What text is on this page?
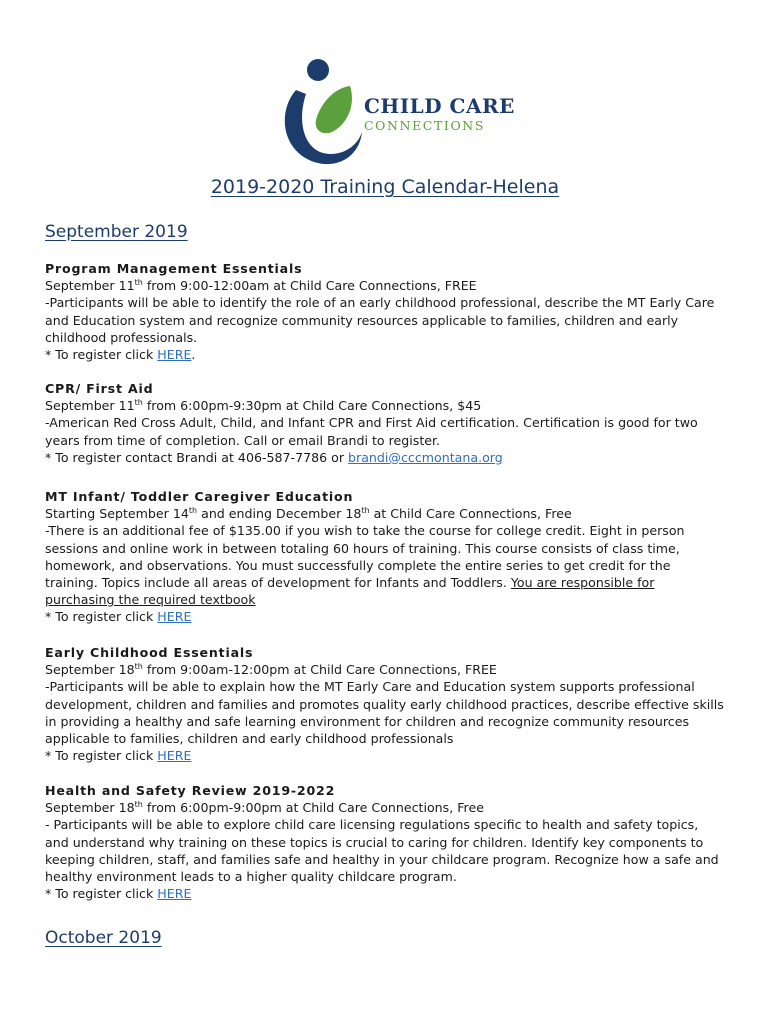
CHILD CARE
CONNECTIONS
2019-2020 Training Calendar-Helena
September 2019

Program Management Essentials

September 11th from 9:00-12:00am at Child Care Connections, FREE

-Participants will be able to identify the role of an early childhood professional, describe the MT Early Care and Education system and recognize community resources applicable to families, children and early childhood professionals.

* To register click HERE.

CPR/ First Aid

September 11th from 6:00pm-9:30pm at Child Care Connections, $45

-American Red Cross Adult, Child, and Infant CPR and First Aid certification. Certification is good for two years from time of completion. Call or email Brandi to register.

* To register contact Brandi at 406-587-7786 or brandi@cccmontana.org

MT Infant/ Toddler Caregiver Education

Starting September 14th and ending December 18th at Child Care Connections, Free

-There is an additional fee of $135.00 if you wish to take the course for college credit. Eight in person sessions and online work in between totaling 60 hours of training. This course consists of class time, homework, and observations. You must successfully complete the entire series to get credit for the training. Topics include all areas of development for Infants and Toddlers. You are responsible for purchasing the required textbook

* To register click HERE

Early Childhood Essentials

September 18th from 9:00am-12:00pm at Child Care Connections, FREE

-Participants will be able to explain how the MT Early Care and Education system supports professional development, children and families and promotes quality early childhood practices, describe effective skills in providing a healthy and safe learning environment for children and recognize community resources applicable to families, children and early childhood professionals

* To register click HERE

Health and Safety Review 2019-2022

September 18th from 6:00pm-9:00pm at Child Care Connections, Free

- Participants will be able to explore child care licensing regulations specific to health and safety topics, and understand why training on these topics is crucial to caring for children. Identify key components to keeping children, staff, and families safe and healthy in your childcare program. Recognize how a safe and healthy environment leads to a higher quality childcare program.

* To register click HERE

October 2019
